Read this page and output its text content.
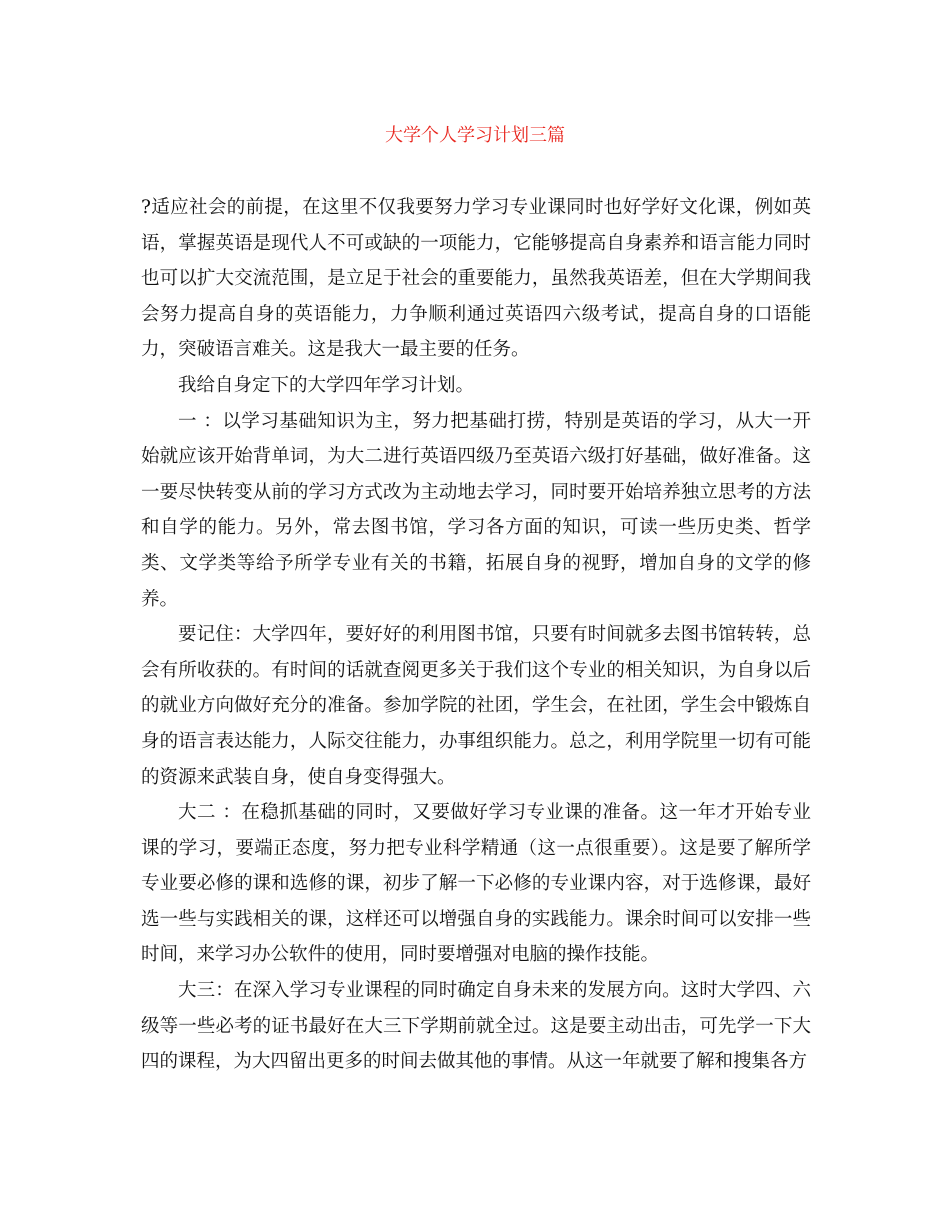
大学个人学习计划三篇

?适应社会的前提，在这里不仅我要努力学习专业课同时也好学好文化课，例如英语，掌握英语是现代人不可或缺的一项能力，它能够提高自身素养和语言能力同时也可以扩大交流范围，是立足于社会的重要能力，虽然我英语差，但在大学期间我会努力提高自身的英语能力，力争顺利通过英语四六级考试，提高自身的口语能力，突破语言难关。这是我大一最主要的任务。

我给自身定下的大学四年学习计划。

一 ：以学习基础知识为主，努力把基础打捞，特别是英语的学习，从大一开始就应该开始背单词，为大二进行英语四级乃至英语六级打好基础，做好准备。这一要尽快转变从前的学习方式改为主动地去学习，同时要开始培养独立思考的方法和自学的能力。另外，常去图书馆，学习各方面的知识，可读一些历史类、哲学类、文学类等给予所学专业有关的书籍，拓展自身的视野，增加自身的文学的修养。

要记住：大学四年，要好好的利用图书馆，只要有时间就多去图书馆转转，总会有所收获的。有时间的话就查阅更多关于我们这个专业的相关知识，为自身以后的就业方向做好充分的准备。参加学院的社团，学生会，在社团，学生会中锻炼自身的语言表达能力，人际交往能力，办事组织能力。总之，利用学院里一切有可能的资源来武装自身，使自身变得强大。

大二 ：在稳抓基础的同时，又要做好学习专业课的准备。这一年才开始专业课的学习，要端正态度，努力把专业科学精通（这一点很重要）。这是要了解所学专业要必修的课和选修的课，初步了解一下必修的专业课内容，对于选修课，最好选一些与实践相关的课，这样还可以增强自身的实践能力。课余时间可以安排一些时间，来学习办公软件的使用，同时要增强对电脑的操作技能。

大三：在深入学习专业课程的同时确定自身未来的发展方向。这时大学四、六级等一些必考的证书最好在大三下学期前就全过。这是要主动出击，可先学一下大四的课程，为大四留出更多的时间去做其他的事情。从这一年就要了解和搜集各方
